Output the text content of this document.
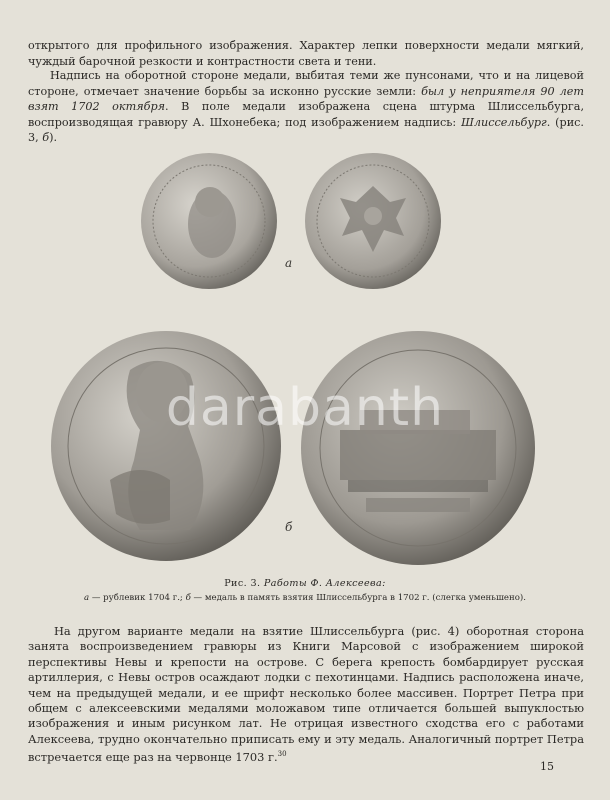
открытого для профильного изображения. Характер лепки поверхности медали мягкий, чуждый барочной резкости и контрастности света и тени.

Надпись на оборотной стороне медали, выбитая теми же пунсонами, что и на лицевой стороне, отмечает значение борьбы за исконно русские земли: был у неприятеля 90 лет взят 1702 октября. В поле медали изображена сцена штурма Шлиссельбурга, воспроизводящая гравюру А. Шхонебека; под изображением надпись: Шлиссельбург. (рис. 3, б).

а
б
darabanth
Рис. 3. Работы Ф. Алексеева:
а — рублевик 1704 г.; б — медаль в память взятия Шлиссельбурга в 1702 г. (слегка уменьшено).

На другом варианте медали на взятие Шлиссельбурга (рис. 4) оборотная сторона занята воспроизведением гравюры из Книги Марсовой с изображением широкой перспективы Невы и крепости на острове. С берега крепость бомбардирует русская артиллерия, с Невы остров осаждают лодки с пехотинцами. Надпись расположена иначе, чем на предыдущей медали, и ее шрифт несколько более массивен. Портрет Петра при общем с алексеевскими медалями моложавом типе отличается большей выпуклостью изображения и иным рисунком лат. Не отрицая известного сходства его с работами Алексеева, трудно окончательно приписать ему и эту медаль. Аналогичный портрет Петра встречается еще раз на червонце 1703 г.$^{30}$

15
